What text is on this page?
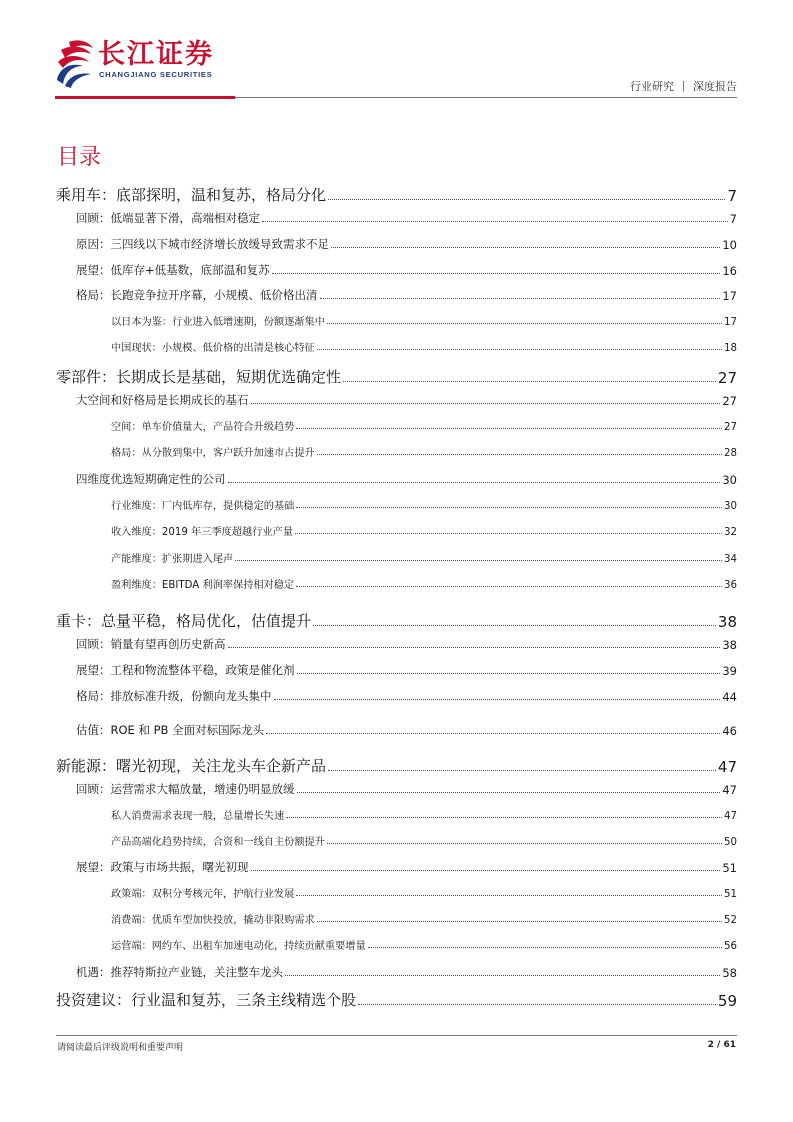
长江证券
CHANGJIANG SECURITIES
行业研究 丨 深度报告
目录
乘用车：底部探明，温和复苏，格局分化	7
回顾：低端显著下滑，高端相对稳定	7
原因：三四线以下城市经济增长放缓导致需求不足	10
展望：低库存+低基数，底部温和复苏	16
格局：长跑竞争拉开序幕，小规模、低价格出清	17
以日本为鉴：行业进入低增速期，份额逐渐集中	17
中国现状：小规模、低价格的出清是核心特征	18
零部件：长期成长是基础，短期优选确定性	27
大空间和好格局是长期成长的基石	27
空间：单车价值量大，产品符合升级趋势	27
格局：从分散到集中，客户跃升加速市占提升	28
四维度优选短期确定性的公司	30
行业维度：厂内低库存，提供稳定的基础	30
收入维度：2019 年三季度超越行业产量	32
产能维度：扩张期进入尾声	34
盈利维度：EBITDA 利润率保持相对稳定	36
重卡：总量平稳，格局优化，估值提升	38
回顾：销量有望再创历史新高	38
展望：工程和物流整体平稳，政策是催化剂	39
格局：排放标准升级，份额向龙头集中	44
估值：ROE 和 PB 全面对标国际龙头	46
新能源：曙光初现，关注龙头车企新产品	47
回顾：运营需求大幅放量，增速仍明显放缓	47
私人消费需求表现一般，总量增长失速	47
产品高端化趋势持续，合资和一线自主份额提升	50
展望：政策与市场共振，曙光初现	51
政策端：双积分考核元年，护航行业发展	51
消费端：优质车型加快投放，撬动非限购需求	52
运营端：网约车、出租车加速电动化，持续贡献重要增量	56
机遇：推荐特斯拉产业链，关注整车龙头	58
投资建议：行业温和复苏，三条主线精选个股	59
请阅读最后评级说明和重要声明	2 / 61
